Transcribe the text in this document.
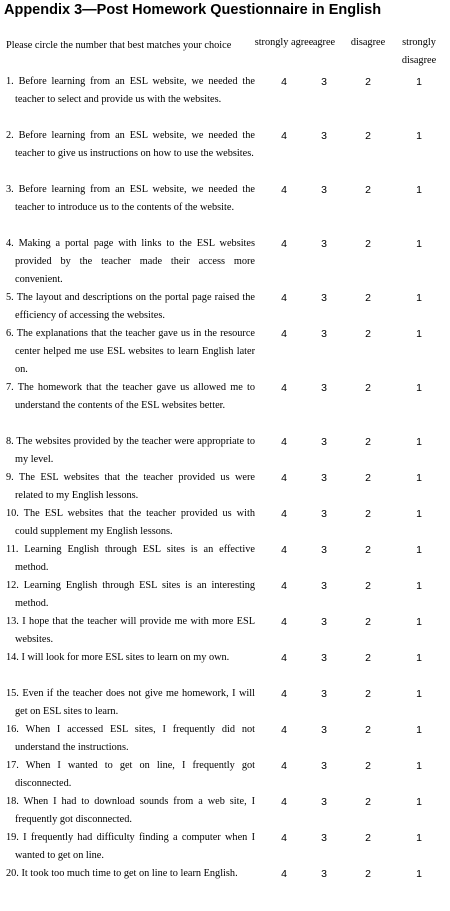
Appendix 3—Post Homework Questionnaire in English
Please circle the number that best matches your choice	strongly agree agree	disagree	strongly disagree
1. Before learning from an ESL website, we needed the teacher to select and provide us with the websites.
4	3	2	1
2. Before learning from an ESL website, we needed the teacher to give us instructions on how to use the websites.
4	3	2	1
3. Before learning from an ESL website, we needed the teacher to introduce us to the contents of the website.
4	3	2	1
4. Making a portal page with links to the ESL websites provided by the teacher made their access more convenient.
4	3	2	1
5. The layout and descriptions on the portal page raised the efficiency of accessing the websites.
4	3	2	1
6. The explanations that the teacher gave us in the resource center helped me use ESL websites to learn English later on.
4	3	2	1
7. The homework that the teacher gave us allowed me to understand the contents of the ESL websites better.
4	3	2	1
8. The websites provided by the teacher were appropriate to my level.
4	3	2	1
9. The ESL websites that the teacher provided us were related to my English lessons.
4	3	2	1
10. The ESL websites that the teacher provided us with could supplement my English lessons.
4	3	2	1
11. Learning English through ESL sites is an effective method.
4	3	2	1
12. Learning English through ESL sites is an interesting method.
4	3	2	1
13. I hope that the teacher will provide me with more ESL websites.
4	3	2	1
14. I will look for more ESL sites to learn on my own.	4	3	2	1
15. Even if the teacher does not give me homework, I will get on ESL sites to learn.
4	3	2	1
16. When I accessed ESL sites, I frequently did not understand the instructions.
4	3	2	1
17. When I wanted to get on line, I frequently got disconnected.
4	3	2	1
18. When I had to download sounds from a web site, I frequently got disconnected.
4	3	2	1
19. I frequently had difficulty finding a computer when I wanted to get on line.
4	3	2	1
20. It took too much time to get on line to learn English.	4	3	2	1
